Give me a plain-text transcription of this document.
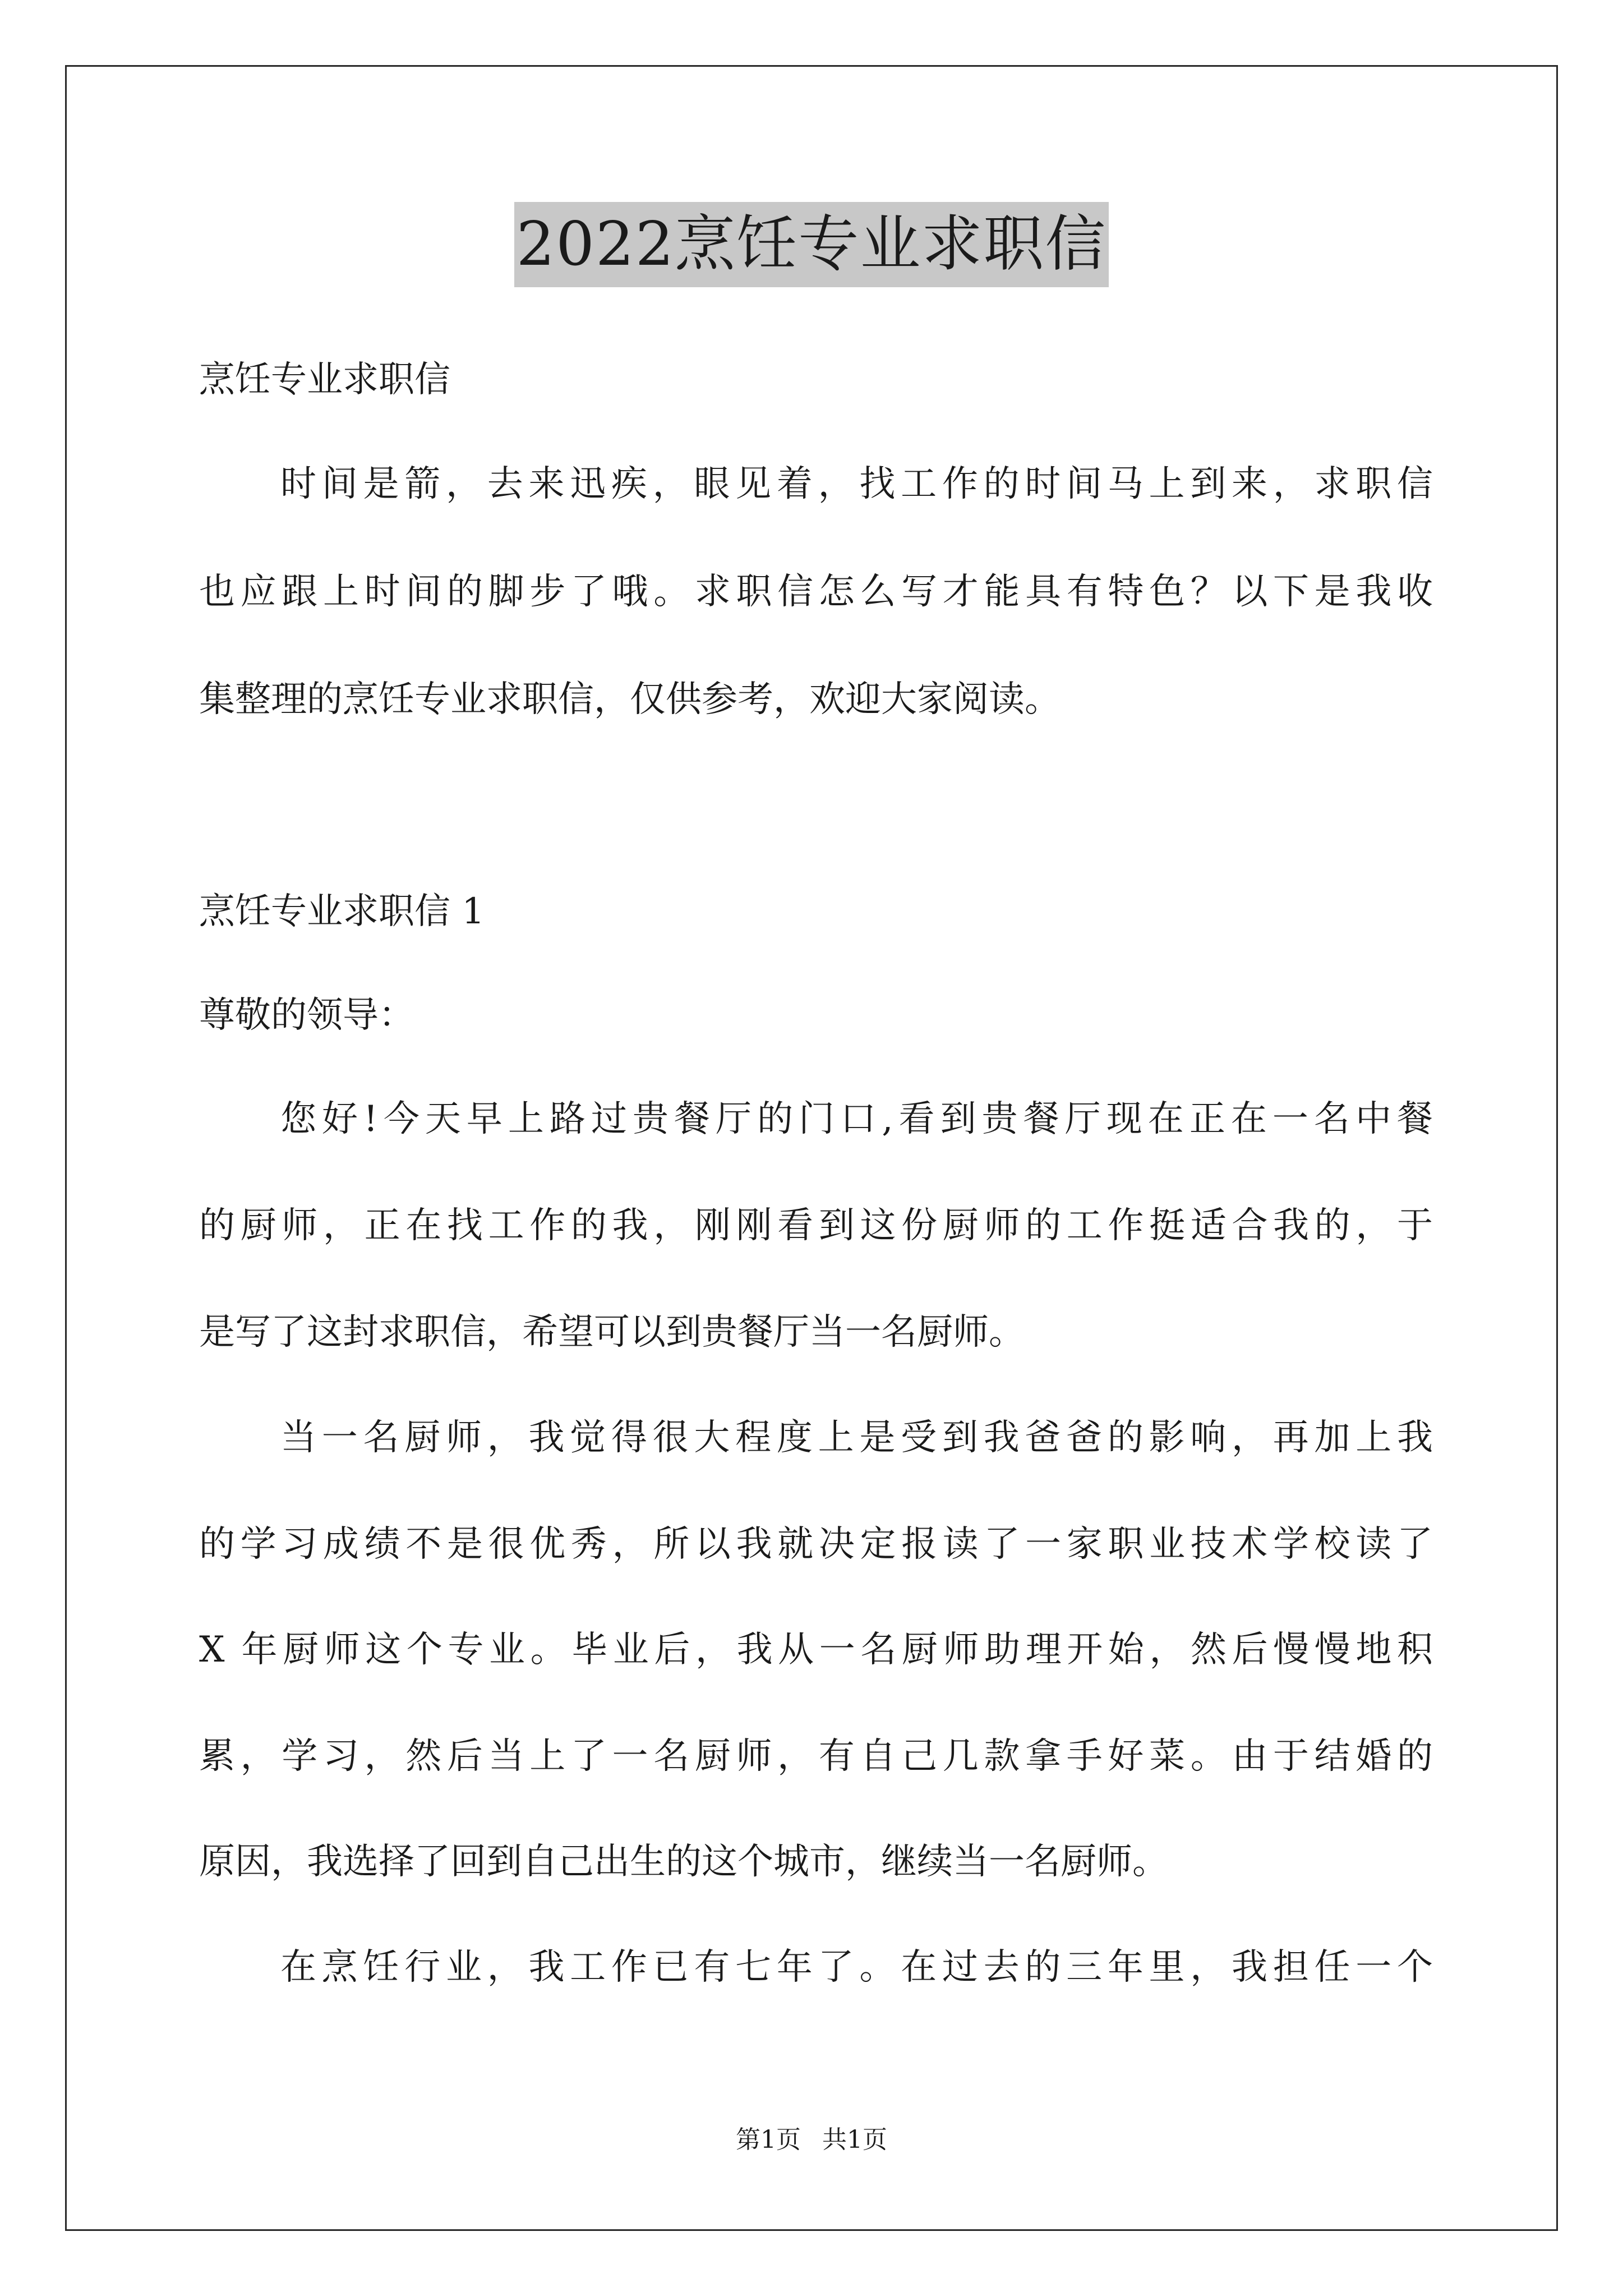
2022烹饪专业求职信

烹饪专业求职信

时间是箭，去来迅疾，眼见着，找工作的时间马上到来，求职信

也应跟上时间的脚步了哦。求职信怎么写才能具有特色？以下是我收

集整理的烹饪专业求职信，仅供参考，欢迎大家阅读。

烹饪专业求职信 1

尊敬的领导：

您好!今天早上路过贵餐厅的门口,看到贵餐厅现在正在一名中餐

的厨师，正在找工作的我，刚刚看到这份厨师的工作挺适合我的，于

是写了这封求职信，希望可以到贵餐厅当一名厨师。

当一名厨师，我觉得很大程度上是受到我爸爸的影响，再加上我

的学习成绩不是很优秀，所以我就决定报读了一家职业技术学校读了

X 年厨师这个专业。毕业后，我从一名厨师助理开始，然后慢慢地积

累，学习，然后当上了一名厨师，有自己几款拿手好菜。由于结婚的

原因，我选择了回到自己出生的这个城市，继续当一名厨师。

在烹饪行业，我工作已有七年了。在过去的三年里，我担任一个

第1页 共1页
